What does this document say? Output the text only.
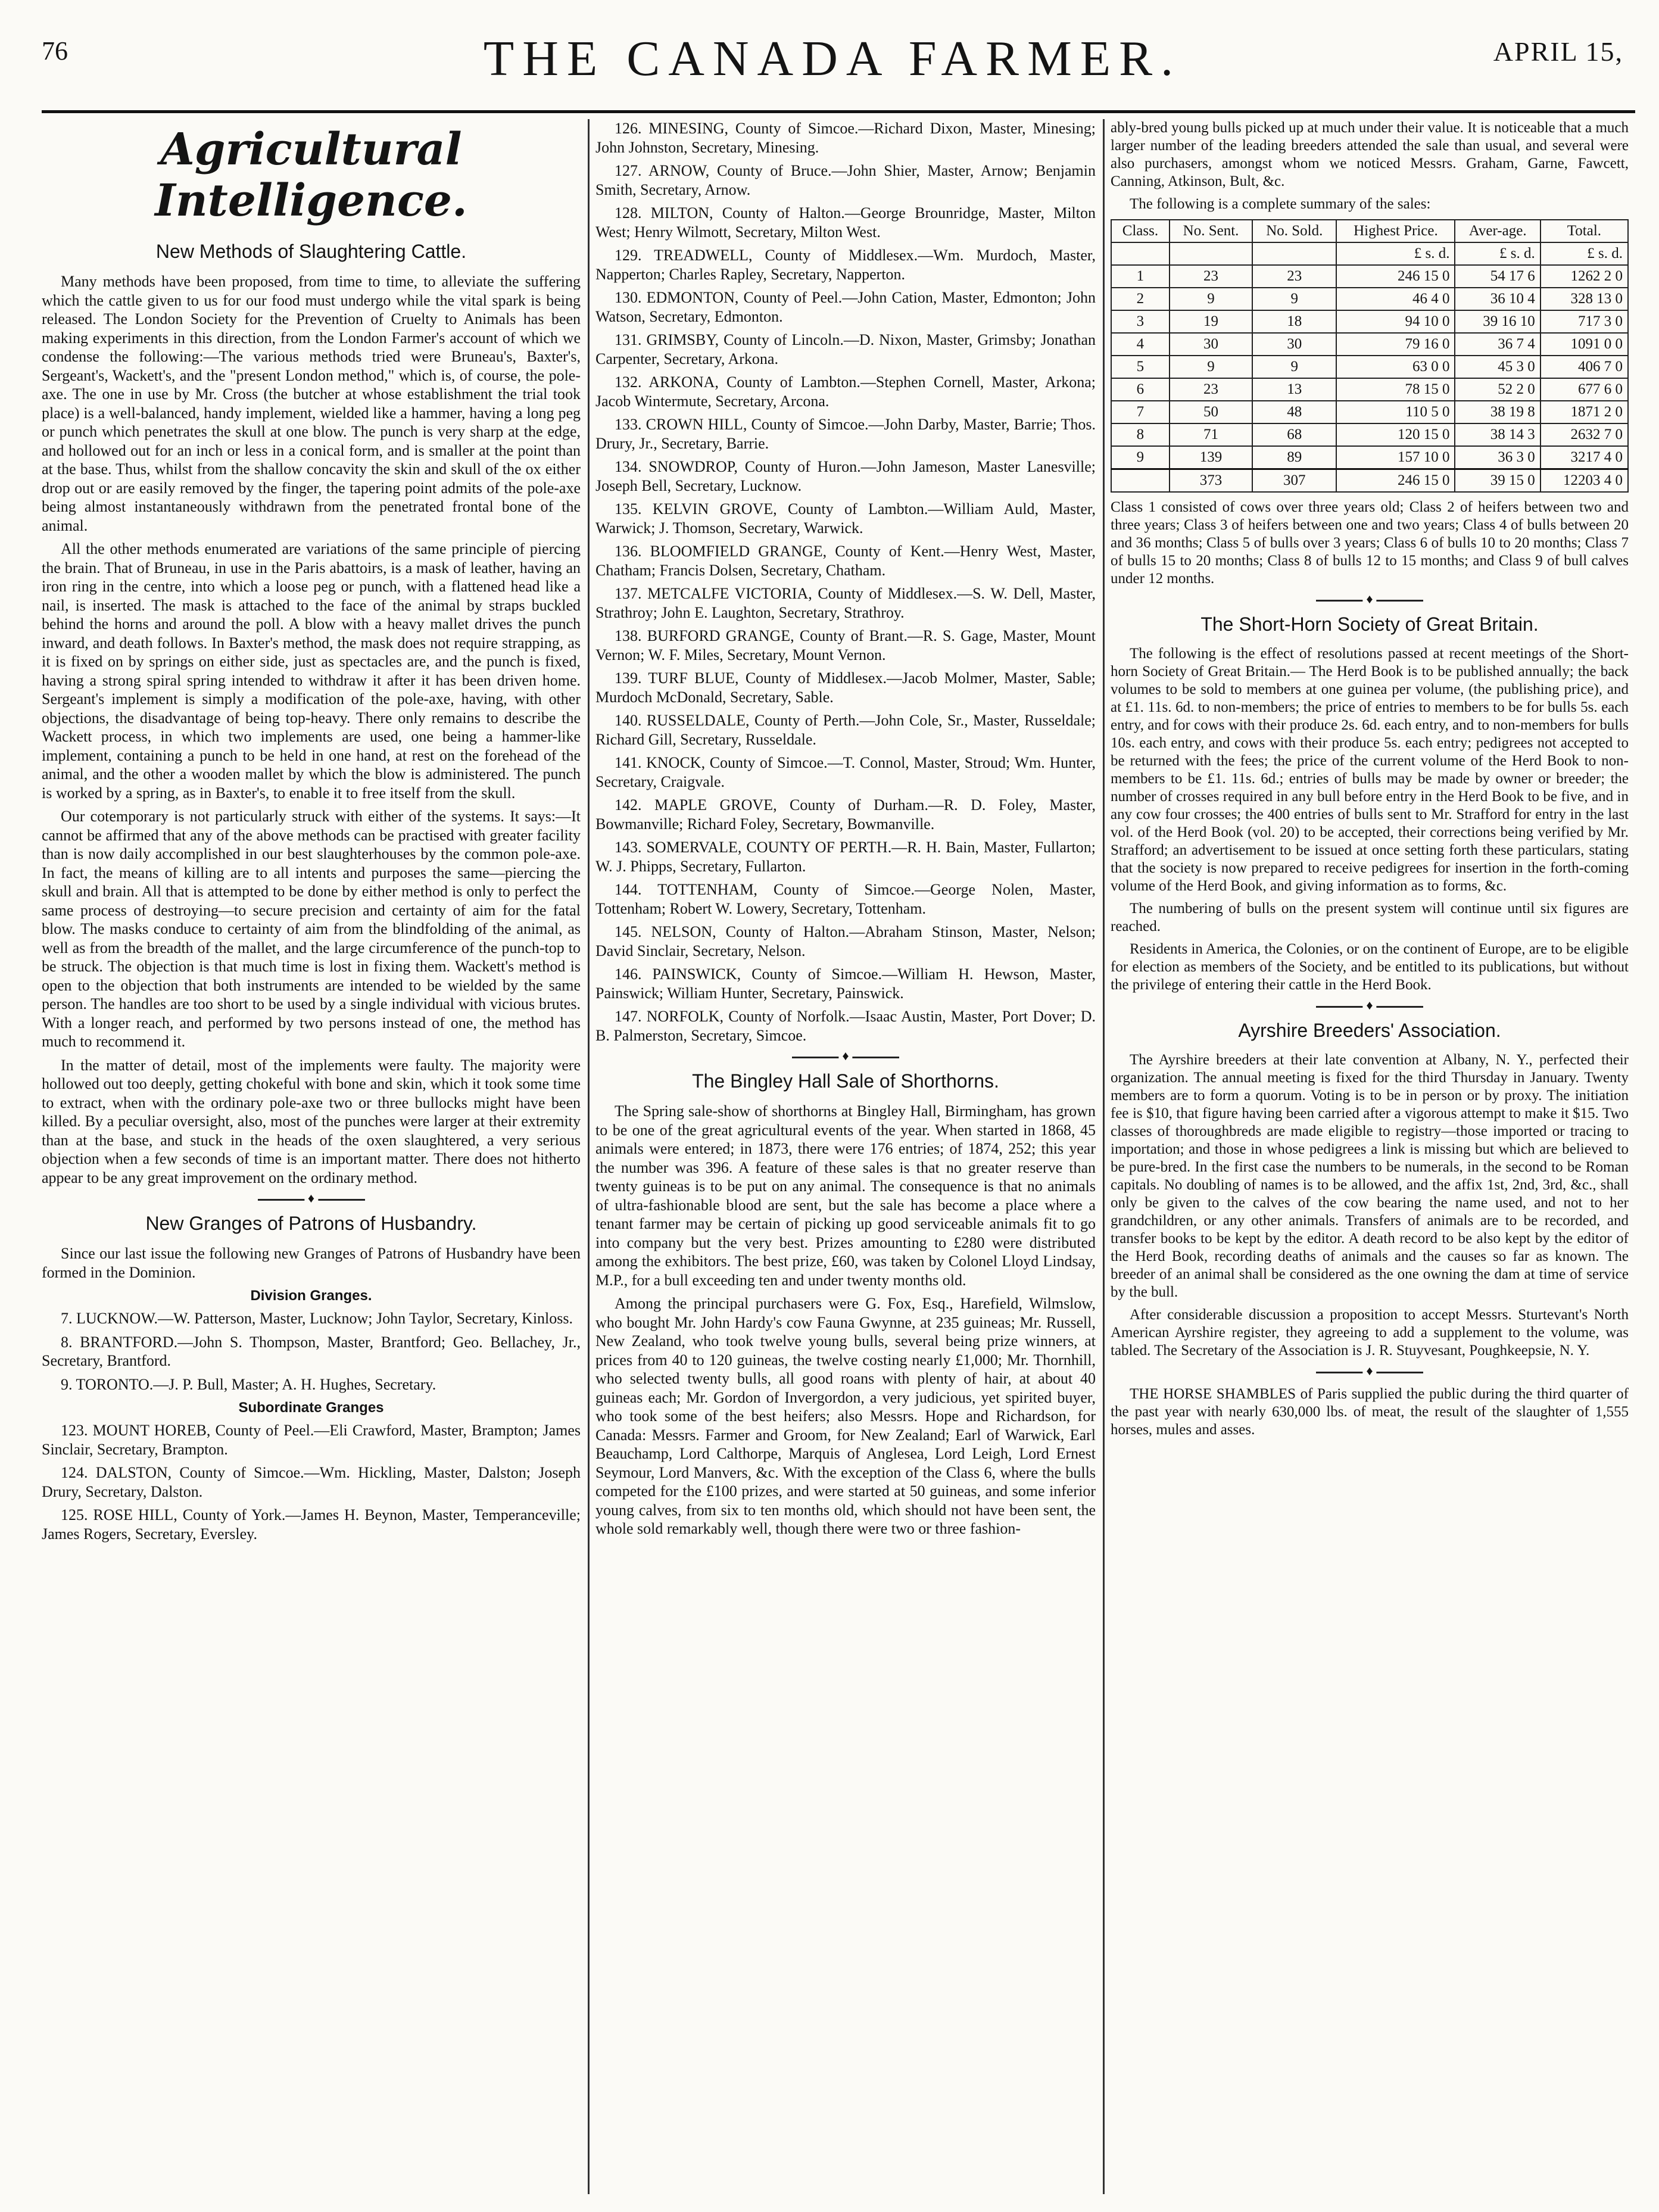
76	THE CANADA FARMER.	APRIL 15,
Agricultural Intelligence.
New Methods of Slaughtering Cattle.

Many methods have been proposed, from time to time, to alleviate the suffering which the cattle given to us for our food must undergo while the vital spark is being released. The London Society for the Prevention of Cruelty to Animals has been making experiments in this direction, from the London Farmer's account of which we condense the following:—The various methods tried were Bruneau's, Baxter's, Sergeant's, Wackett's, and the "present London method," which is, of course, the pole-axe. The one in use by Mr. Cross (the butcher at whose establishment the trial took place) is a well-balanced, handy implement, wielded like a hammer, having a long peg or punch which penetrates the skull at one blow. The punch is very sharp at the edge, and hollowed out for an inch or less in a conical form, and is smaller at the point than at the base. Thus, whilst from the shallow concavity the skin and skull of the ox either drop out or are easily removed by the finger, the tapering point admits of the pole-axe being almost instantaneously withdrawn from the penetrated frontal bone of the animal.

All the other methods enumerated are variations of the same principle of piercing the brain. That of Bruneau, in use in the Paris abattoirs, is a mask of leather, having an iron ring in the centre, into which a loose peg or punch, with a flattened head like a nail, is inserted. The mask is attached to the face of the animal by straps buckled behind the horns and around the poll. A blow with a heavy mallet drives the punch inward, and death follows. In Baxter's method, the mask does not require strapping, as it is fixed on by springs on either side, just as spectacles are, and the punch is fixed, having a strong spiral spring intended to withdraw it after it has been driven home. Sergeant's implement is simply a modification of the pole-axe, having, with other objections, the disadvantage of being top-heavy. There only remains to describe the Wackett process, in which two implements are used, one being a hammer-like implement, containing a punch to be held in one hand, at rest on the forehead of the animal, and the other a wooden mallet by which the blow is administered. The punch is worked by a spring, as in Baxter's, to enable it to free itself from the skull.

Our cotemporary is not particularly struck with either of the systems. It says:—It cannot be affirmed that any of the above methods can be practised with greater facility than is now daily accomplished in our best slaughterhouses by the common pole-axe. In fact, the means of killing are to all intents and purposes the same—piercing the skull and brain. All that is attempted to be done by either method is only to perfect the same process of destroying—to secure precision and certainty of aim for the fatal blow. The masks conduce to certainty of aim from the blindfolding of the animal, as well as from the breadth of the mallet, and the large circumference of the punch-top to be struck. The objection is that much time is lost in fixing them. Wackett's method is open to the objection that both instruments are intended to be wielded by the same person. The handles are too short to be used by a single individual with vicious brutes. With a longer reach, and performed by two persons instead of one, the method has much to recommend it.

In the matter of detail, most of the implements were faulty. The majority were hollowed out too deeply, getting chokeful with bone and skin, which it took some time to extract, when with the ordinary pole-axe two or three bullocks might have been killed. By a peculiar oversight, also, most of the punches were larger at their extremity than at the base, and stuck in the heads of the oxen slaughtered, a very serious objection when a few seconds of time is an important matter. There does not hitherto appear to be any great improvement on the ordinary method.

♦
New Granges of Patrons of Husbandry.

Since our last issue the following new Granges of Patrons of Husbandry have been formed in the Dominion.

Division Granges.

7. LUCKNOW.—W. Patterson, Master, Lucknow; John Taylor, Secretary, Kinloss.

8. BRANTFORD.—John S. Thompson, Master, Brantford; Geo. Bellachey, Jr., Secretary, Brantford.

9. TORONTO.—J. P. Bull, Master; A. H. Hughes, Secretary.

Subordinate Granges

123. MOUNT HOREB, County of Peel.—Eli Crawford, Master, Brampton; James Sinclair, Secretary, Brampton.

124. DALSTON, County of Simcoe.—Wm. Hickling, Master, Dalston; Joseph Drury, Secretary, Dalston.

125. ROSE HILL, County of York.—James H. Beynon, Master, Temperanceville; James Rogers, Secretary, Eversley.

126. MINESING, County of Simcoe.—Richard Dixon, Master, Minesing; John Johnston, Secretary, Minesing.

127. ARNOW, County of Bruce.—John Shier, Master, Arnow; Benjamin Smith, Secretary, Arnow.

128. MILTON, County of Halton.—George Brounridge, Master, Milton West; Henry Wilmott, Secretary, Milton West.

129. TREADWELL, County of Middlesex.—Wm. Murdoch, Master, Napperton; Charles Rapley, Secretary, Napperton.

130. EDMONTON, County of Peel.—John Cation, Master, Edmonton; John Watson, Secretary, Edmonton.

131. GRIMSBY, County of Lincoln.—D. Nixon, Master, Grimsby; Jonathan Carpenter, Secretary, Arkona.

132. ARKONA, County of Lambton.—Stephen Cornell, Master, Arkona; Jacob Wintermute, Secretary, Arcona.

133. CROWN HILL, County of Simcoe.—John Darby, Master, Barrie; Thos. Drury, Jr., Secretary, Barrie.

134. SNOWDROP, County of Huron.—John Jameson, Master Lanesville; Joseph Bell, Secretary, Lucknow.

135. KELVIN GROVE, County of Lambton.—William Auld, Master, Warwick; J. Thomson, Secretary, Warwick.

136. BLOOMFIELD GRANGE, County of Kent.—Henry West, Master, Chatham; Francis Dolsen, Secretary, Chatham.

137. METCALFE VICTORIA, County of Middlesex.—S. W. Dell, Master, Strathroy; John E. Laughton, Secretary, Strathroy.

138. BURFORD GRANGE, County of Brant.—R. S. Gage, Master, Mount Vernon; W. F. Miles, Secretary, Mount Vernon.

139. TURF BLUE, County of Middlesex.—Jacob Molmer, Master, Sable; Murdoch McDonald, Secretary, Sable.

140. RUSSELDALE, County of Perth.—John Cole, Sr., Master, Russeldale; Richard Gill, Secretary, Russeldale.

141. KNOCK, County of Simcoe.—T. Connol, Master, Stroud; Wm. Hunter, Secretary, Craigvale.

142. MAPLE GROVE, County of Durham.—R. D. Foley, Master, Bowmanville; Richard Foley, Secretary, Bowmanville.

143. SOMERVALE, COUNTY OF PERTH.—R. H. Bain, Master, Fullarton; W. J. Phipps, Secretary, Fullarton.

144. TOTTENHAM, County of Simcoe.—George Nolen, Master, Tottenham; Robert W. Lowery, Secretary, Tottenham.

145. NELSON, County of Halton.—Abraham Stinson, Master, Nelson; David Sinclair, Secretary, Nelson.

146. PAINSWICK, County of Simcoe.—William H. Hewson, Master, Painswick; William Hunter, Secretary, Painswick.

147. NORFOLK, County of Norfolk.—Isaac Austin, Master, Port Dover; D. B. Palmerston, Secretary, Simcoe.

♦
The Bingley Hall Sale of Shorthorns.

The Spring sale-show of shorthorns at Bingley Hall, Birmingham, has grown to be one of the great agricultural events of the year. When started in 1868, 45 animals were entered; in 1873, there were 176 entries; of 1874, 252; this year the number was 396. A feature of these sales is that no greater reserve than twenty guineas is to be put on any animal. The consequence is that no animals of ultra-fashionable blood are sent, but the sale has become a place where a tenant farmer may be certain of picking up good serviceable animals fit to go into company but the very best. Prizes amounting to £280 were distributed among the exhibitors. The best prize, £60, was taken by Colonel Lloyd Lindsay, M.P., for a bull exceeding ten and under twenty months old.

Among the principal purchasers were G. Fox, Esq., Harefield, Wilmslow, who bought Mr. John Hardy's cow Fauna Gwynne, at 235 guineas; Mr. Russell, New Zealand, who took twelve young bulls, several being prize winners, at prices from 40 to 120 guineas, the twelve costing nearly £1,000; Mr. Thornhill, who selected twenty bulls, all good roans with plenty of hair, at about 40 guineas each; Mr. Gordon of Invergordon, a very judicious, yet spirited buyer, who took some of the best heifers; also Messrs. Hope and Richardson, for Canada: Messrs. Farmer and Groom, for New Zealand; Earl of Warwick, Earl Beauchamp, Lord Calthorpe, Marquis of Anglesea, Lord Leigh, Lord Ernest Seymour, Lord Manvers, &c. With the exception of the Class 6, where the bulls competed for the £100 prizes, and were started at 50 guineas, and some inferior young calves, from six to ten months old, which should not have been sent, the whole sold remarkably well, though there were two or three fashion-

ably-bred young bulls picked up at much under their value. It is noticeable that a much larger number of the leading breeders attended the sale than usual, and several were also purchasers, amongst whom we noticed Messrs. Graham, Garne, Fawcett, Canning, Atkinson, Bult, &c.

The following is a complete summary of the sales:

Class.	No. Sent.	No. Sold.	Highest Price.	Aver-age.	Total.
			£ s. d.	£ s. d.	£ s. d.
1	23	23	246 15 0	54 17 6	1262 2 0
2	9	9	46 4 0	36 10 4	328 13 0
3	19	18	94 10 0	39 16 10	717 3 0
4	30	30	79 16 0	36 7 4	1091 0 0
5	9	9	63 0 0	45 3 0	406 7 0
6	23	13	78 15 0	52 2 0	677 6 0
7	50	48	110 5 0	38 19 8	1871 2 0
8	71	68	120 15 0	38 14 3	2632 7 0
9	139	89	157 10 0	36 3 0	3217 4 0
	373	307	246 15 0	39 15 0	12203 4 0

Class 1 consisted of cows over three years old; Class 2 of heifers between two and three years; Class 3 of heifers between one and two years; Class 4 of bulls between 20 and 36 months; Class 5 of bulls over 3 years; Class 6 of bulls 10 to 20 months; Class 7 of bulls 15 to 20 months; Class 8 of bulls 12 to 15 months; and Class 9 of bull calves under 12 months.

♦
The Short-Horn Society of Great Britain.

The following is the effect of resolutions passed at recent meetings of the Short-horn Society of Great Britain.— The Herd Book is to be published annually; the back volumes to be sold to members at one guinea per volume, (the publishing price), and at £1. 11s. 6d. to non-members; the price of entries to members to be for bulls 5s. each entry, and for cows with their produce 2s. 6d. each entry, and to non-members for bulls 10s. each entry, and cows with their produce 5s. each entry; pedigrees not accepted to be returned with the fees; the price of the current volume of the Herd Book to non-members to be £1. 11s. 6d.; entries of bulls may be made by owner or breeder; the number of crosses required in any bull before entry in the Herd Book to be five, and in any cow four crosses; the 400 entries of bulls sent to Mr. Strafford for entry in the last vol. of the Herd Book (vol. 20) to be accepted, their corrections being verified by Mr. Strafford; an advertisement to be issued at once setting forth these particulars, stating that the society is now prepared to receive pedigrees for insertion in the forth-coming volume of the Herd Book, and giving information as to forms, &c.

The numbering of bulls on the present system will continue until six figures are reached.

Residents in America, the Colonies, or on the continent of Europe, are to be eligible for election as members of the Society, and be entitled to its publications, but without the privilege of entering their cattle in the Herd Book.

♦
Ayrshire Breeders' Association.

The Ayrshire breeders at their late convention at Albany, N. Y., perfected their organization. The annual meeting is fixed for the third Thursday in January. Twenty members are to form a quorum. Voting is to be in person or by proxy. The initiation fee is $10, that figure having been carried after a vigorous attempt to make it $15. Two classes of thoroughbreds are made eligible to registry—those imported or tracing to importation; and those in whose pedigrees a link is missing but which are believed to be pure-bred. In the first case the numbers to be numerals, in the second to be Roman capitals. No doubling of names is to be allowed, and the affix 1st, 2nd, 3rd, &c., shall only be given to the calves of the cow bearing the name used, and not to her grandchildren, or any other animals. Transfers of animals are to be recorded, and transfer books to be kept by the editor. A death record to be also kept by the editor of the Herd Book, recording deaths of animals and the causes so far as known. The breeder of an animal shall be considered as the one owning the dam at time of service by the bull.

After considerable discussion a proposition to accept Messrs. Sturtevant's North American Ayrshire register, they agreeing to add a supplement to the volume, was tabled. The Secretary of the Association is J. R. Stuyvesant, Poughkeepsie, N. Y.

♦

THE HORSE SHAMBLES of Paris supplied the public during the third quarter of the past year with nearly 630,000 lbs. of meat, the result of the slaughter of 1,555 horses, mules and asses.
